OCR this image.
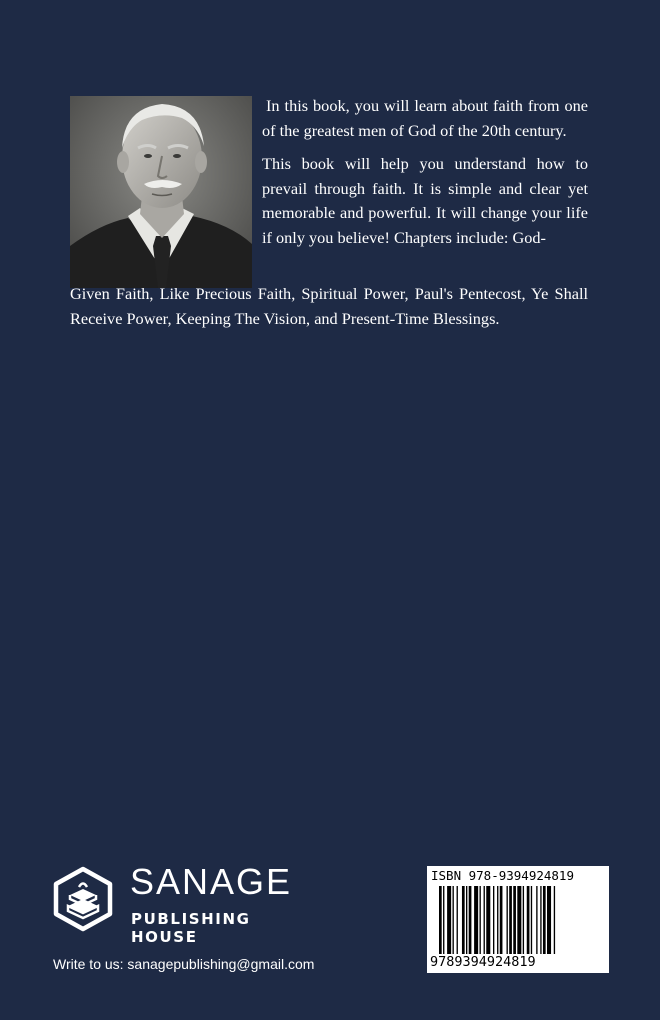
In this book, you will learn about faith from one of the greatest men of God of the 20th century.

This book will help you understand how to prevail through faith. It is simple and clear yet memorable and powerful. It will change your life if only you believe! Chapters include: God-

Given Faith, Like Precious Faith, Spiritual Power, Paul's Pentecost, Ye Shall Receive Power, Keeping The Vision, and Present-Time Blessings.

SANAGE
PUBLISHING HOUSE
Write to us: sanagepublishing@gmail.com
ISBN 978-9394924819
9789394924819
